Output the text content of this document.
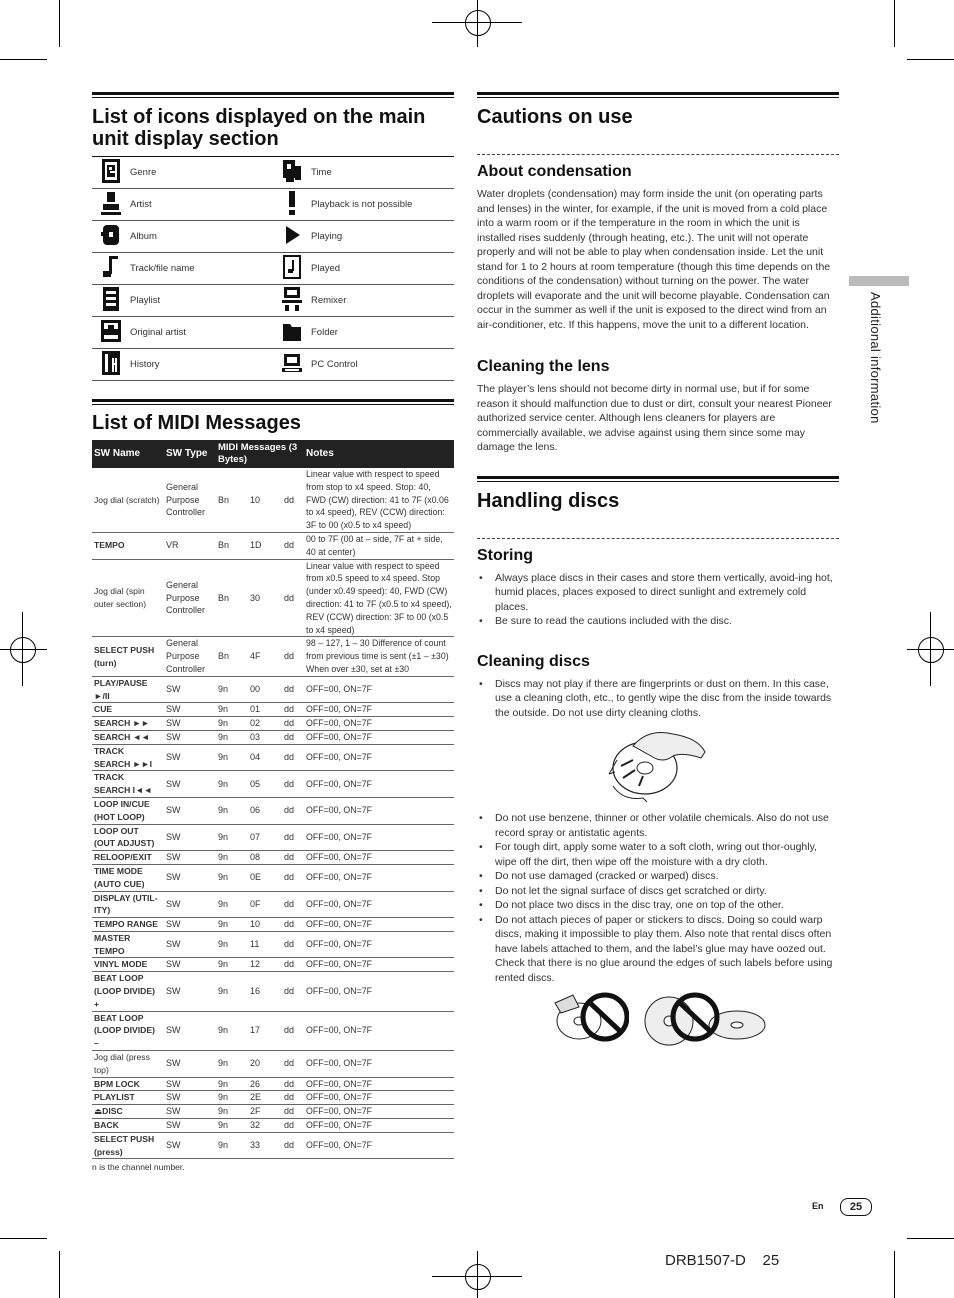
List of icons displayed on the main unit display section
	Genre		Time
	Artist		Playback is not possible
	Album		Playing
	Track/file name		Played
	Playlist		Remixer
	Original artist		Folder
	History		PC Control
List of MIDI Messages
SW Name	SW Type	MIDI Messages (3 Bytes)			Notes
Jog dial (scratch)	General Purpose Controller	Bn	10	dd	Linear value with respect to speed from stop to x4 speed. Stop: 40, FWD (CW) direction: 41 to 7F (x0.06 to x4 speed), REV (CCW) direction: 3F to 00 (x0.5 to x4 speed)
TEMPO	VR	Bn	1D	dd	00 to 7F (00 at – side, 7F at + side, 40 at center)
Jog dial (spin outer section)	General Purpose Controller	Bn	30	dd	Linear value with respect to speed from x0.5 speed to x4 speed. Stop (under x0.49 speed): 40, FWD (CW) direction: 41 to 7F (x0.5 to x4 speed), REV (CCW) direction: 3F to 00 (x0.5 to x4 speed)
SELECT PUSH (turn)	General Purpose Controller	Bn	4F	dd	98 – 127, 1 – 30 Difference of count from previous time is sent (±1 – ±30) When over ±30, set at ±30
PLAY/PAUSE ►/II	SW	9n	00	dd	OFF=00, ON=7F
CUE	SW	9n	01	dd	OFF=00, ON=7F
SEARCH ►►	SW	9n	02	dd	OFF=00, ON=7F
SEARCH ◄◄	SW	9n	03	dd	OFF=00, ON=7F
TRACK SEARCH ►►I	SW	9n	04	dd	OFF=00, ON=7F
TRACK SEARCH I◄◄	SW	9n	05	dd	OFF=00, ON=7F
LOOP IN/CUE (HOT LOOP)	SW	9n	06	dd	OFF=00, ON=7F
LOOP OUT (OUT ADJUST)	SW	9n	07	dd	OFF=00, ON=7F
RELOOP/EXIT	SW	9n	08	dd	OFF=00, ON=7F
TIME MODE (AUTO CUE)	SW	9n	0E	dd	OFF=00, ON=7F
DISPLAY (UTIL-ITY)	SW	9n	0F	dd	OFF=00, ON=7F
TEMPO RANGE	SW	9n	10	dd	OFF=00, ON=7F
MASTER TEMPO	SW	9n	11	dd	OFF=00, ON=7F
VINYL MODE	SW	9n	12	dd	OFF=00, ON=7F
BEAT LOOP (LOOP DIVIDE) +	SW	9n	16	dd	OFF=00, ON=7F
BEAT LOOP (LOOP DIVIDE) –	SW	9n	17	dd	OFF=00, ON=7F
Jog dial (press top)	SW	9n	20	dd	OFF=00, ON=7F
BPM LOCK	SW	9n	26	dd	OFF=00, ON=7F
PLAYLIST	SW	9n	2E	dd	OFF=00, ON=7F
⏏DISC	SW	9n	2F	dd	OFF=00, ON=7F
BACK	SW	9n	32	dd	OFF=00, ON=7F
SELECT PUSH (press)	SW	9n	33	dd	OFF=00, ON=7F
n is the channel number.
Cautions on use
About condensation

Water droplets (condensation) may form inside the unit (on operating parts and lenses) in the winter, for example, if the unit is moved from a cold place into a warm room or if the temperature in the room in which the unit is installed rises suddenly (through heating, etc.). The unit will not operate properly and will not be able to play when condensation inside. Let the unit stand for 1 to 2 hours at room temperature (though this time depends on the conditions of the condensation) without turning on the power. The water droplets will evaporate and the unit will become playable. Condensation can occur in the summer as well if the unit is exposed to the direct wind from an air-conditioner, etc. If this happens, move the unit to a different location.

Cleaning the lens

The player’s lens should not become dirty in normal use, but if for some reason it should malfunction due to dust or dirt, consult your nearest Pioneer authorized service center. Although lens cleaners for players are commercially available, we advise against using them since some may damage the lens.

Handling discs
Storing
• Always place discs in their cases and store them vertically, avoid-ing hot, humid places, places exposed to direct sunlight and extremely cold places.
• Be sure to read the cautions included with the disc.
Cleaning discs
• Discs may not play if there are fingerprints or dust on them. In this case, use a cleaning cloth, etc., to gently wipe the disc from the inside towards the outside. Do not use dirty cleaning cloths.
• Do not use benzene, thinner or other volatile chemicals. Also do not use record spray or antistatic agents.
• For tough dirt, apply some water to a soft cloth, wring out thor-oughly, wipe off the dirt, then wipe off the moisture with a dry cloth.
• Do not use damaged (cracked or warped) discs.
• Do not let the signal surface of discs get scratched or dirty.
• Do not place two discs in the disc tray, one on top of the other.
• Do not attach pieces of paper or stickers to discs. Doing so could warp discs, making it impossible to play them. Also note that rental discs often have labels attached to them, and the label’s glue may have oozed out. Check that there is no glue around the edges of such labels before using rented discs.
Additional information
En	25
DRB1507-D    25
